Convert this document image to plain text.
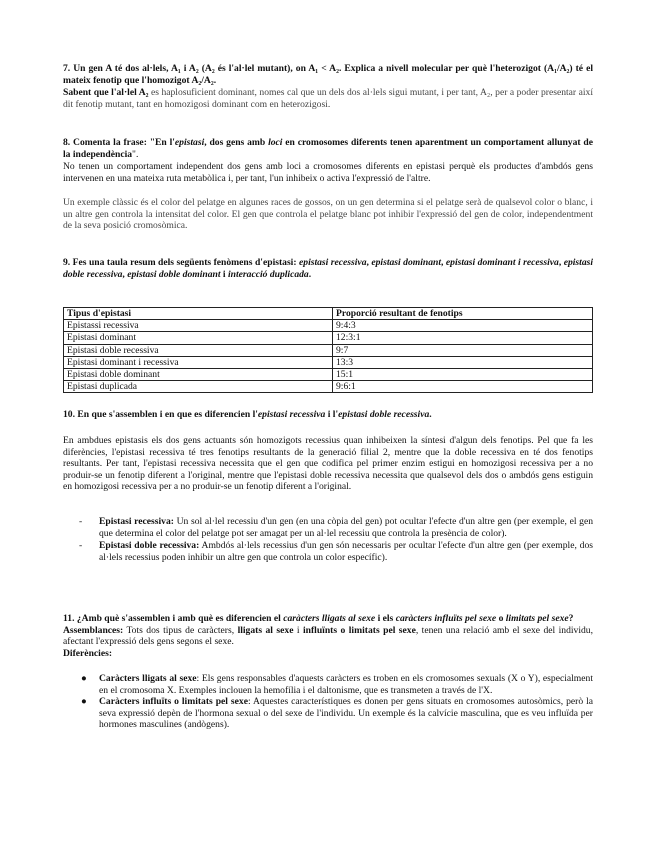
7. Un gen A té dos al·lels, A₁ i A₂ (A₂ és l'al·lel mutant), on A₁ < A₂. Explica a nivell molecular per què l'heterozigot (A₁/A₂) té el mateix fenotip que l'homozigot A₂/A₂.
Sabent que l'al·lel A₂ es haplosuficient dominant, nomes cal que un dels dos al·lels sigui mutant, i per tant, A₂, per a poder presentar així dit fenotip mutant, tant en homozigosi dominant com en heterozigosi.
8. Comenta la frase: "En l'epistasi, dos gens amb loci en cromosomes diferents tenen aparentment un comportament allunyat de la independència".
No tenen un comportament independent dos gens amb loci a cromosomes diferents en epistasi perquè els productes d'ambdós gens intervenen en una mateixa ruta metabòlica i, per tant, l'un inhibeix o activa l'expressió de l'altre.
Un exemple clàssic és el color del pelatge en algunes races de gossos, on un gen determina si el pelatge serà de qualsevol color o blanc, i un altre gen controla la intensitat del color. El gen que controla el pelatge blanc pot inhibir l'expressió del gen de color, independentment de la seva posició cromosòmica.
9. Fes una taula resum dels següents fenòmens d'epistasi: epistasi recessiva, epistasi dominant, epistasi dominant i recessiva, epistasi doble recessiva, epistasi doble dominant i interacció duplicada.
Tipus d'epistasi	Proporció resultant de fenotips
Epistassi recessiva	9:4:3
Epistasi dominant	12:3:1
Epistasi doble recessiva	9:7
Epistasi dominant i recessiva	13:3
Epistasi doble dominant	15:1
Epistasi duplicada	9:6:1
10. En que s'assemblen i en que es diferencien l'epistasi recessiva i l'epistasi doble recessiva.
En ambdues epistasis els dos gens actuants són homozigots recessius quan inhibeixen la síntesi d'algun dels fenotips. Pel que fa les diferències, l'epistasi recessiva té tres fenotips resultants de la generació filial 2, mentre que la doble recessiva en té dos fenotips resultants. Per tant, l'epistasi recessiva necessita que el gen que codifica pel primer enzim estigui en homozigosi recessiva per a no produir-se un fenotip diferent a l'original, mentre que l'epistasi doble recessiva necessita que qualsevol dels dos o ambdós gens estiguin en homozigosi recessiva per a no produir-se un fenotip diferent a l'original.
- Epistasi recessiva: Un sol al·lel recessiu d'un gen (en una còpia del gen) pot ocultar l'efecte d'un altre gen (per exemple, el gen que determina el color del pelatge pot ser amagat per un al·lel recessiu que controla la presència de color).
- Epistasi doble recessiva: Ambdós al·lels recessius d'un gen són necessaris per ocultar l'efecte d'un altre gen (per exemple, dos al·lels recessius poden inhibir un altre gen que controla un color específic).
11. ¿Amb què s'assemblen i amb què es diferencien el caràcters lligats al sexe i els caràcters influïts pel sexe o limitats pel sexe?
Assemblances: Tots dos tipus de caràcters, lligats al sexe i influïnts o limitats pel sexe, tenen una relació amb el sexe del individu, afectant l'expressió dels gens segons el sexe.
Diferències:
● Caràcters lligats al sexe: Els gens responsables d'aquests caràcters es troben en els cromosomes sexuals (X o Y), especialment en el cromosoma X. Exemples inclouen la hemofília i el daltonisme, que es transmeten a través de l'X.
● Caràcters influïts o limitats pel sexe: Aquestes característiques es donen per gens situats en cromosomes autosòmics, però la seva expressió depèn de l'hormona sexual o del sexe de l'individu. Un exemple és la calvície masculina, que es veu influïda per hormones masculines (andògens).
